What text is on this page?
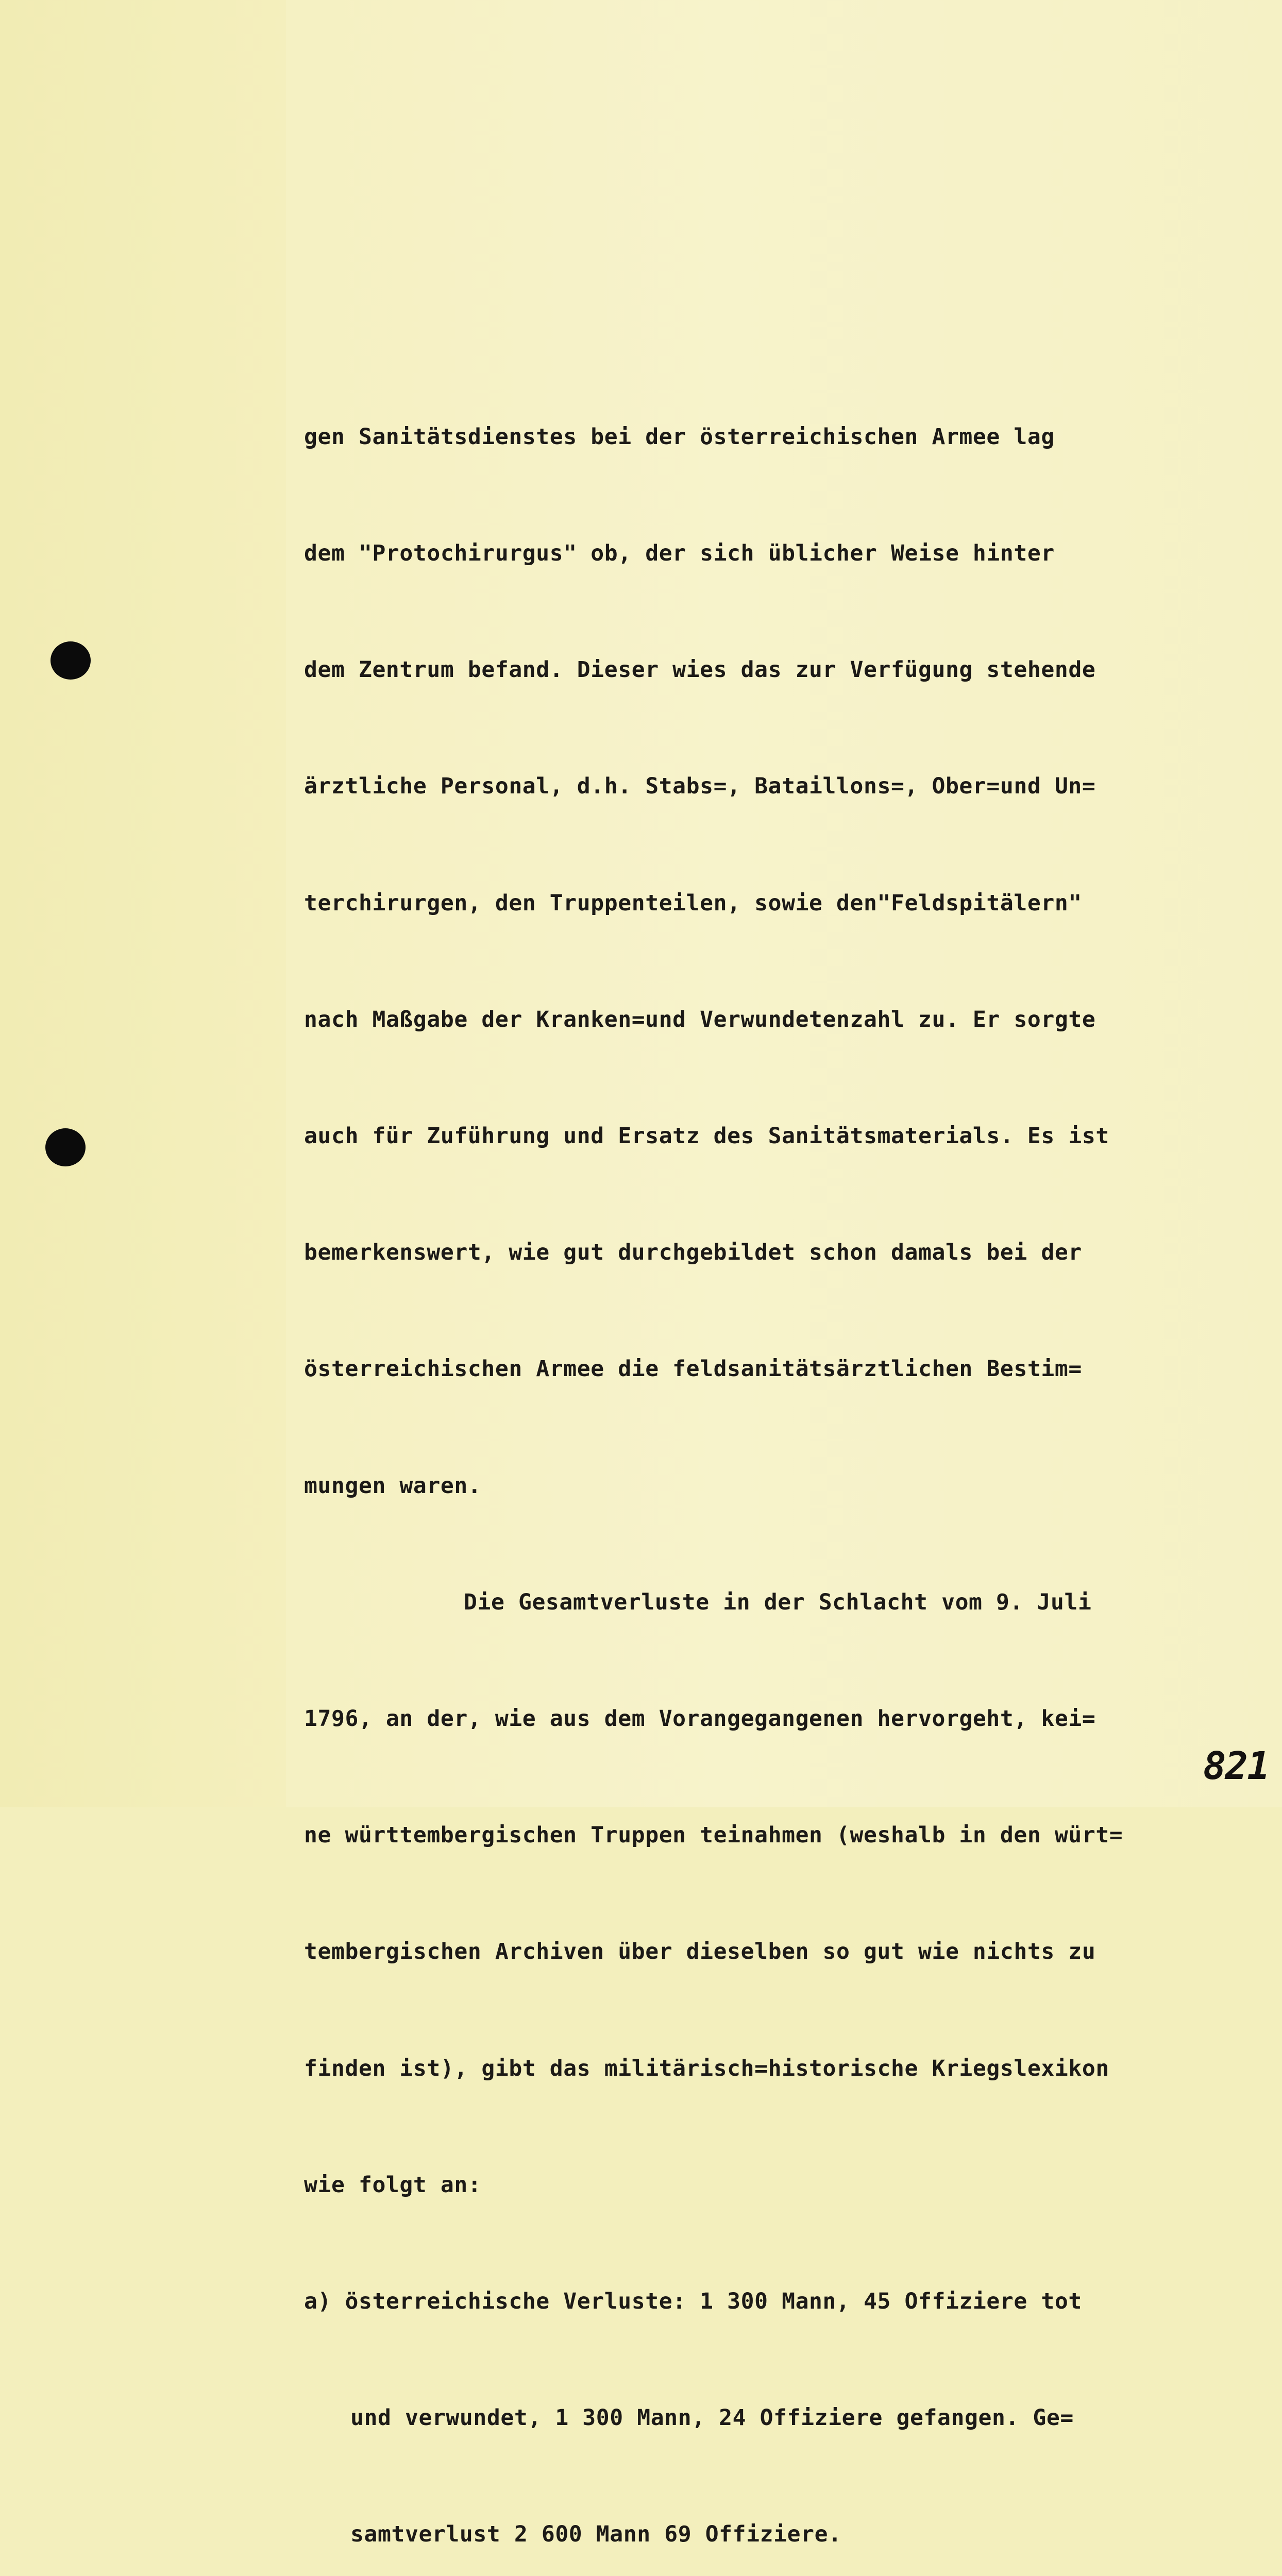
gen Sanitätsdienstes bei der österreichischen Armee lag

dem "Protochirurgus" ob, der sich üblicher Weise hinter

dem Zentrum befand. Dieser wies das zur Verfügung stehende

ärztliche Personal, d.h. Stabs=, Bataillons=, Ober=und Un=

terchirurgen, den Truppenteilen, sowie den"Feldspitälern"

nach Maßgabe der Kranken=und Verwundetenzahl zu. Er sorgte

auch für Zuführung und Ersatz des Sanitätsmaterials. Es ist

bemerkenswert, wie gut durchgebildet schon damals bei der

österreichischen Armee die feldsanitätsärztlichen Bestim=

mungen waren.

Die Gesamtverluste in der Schlacht vom 9. Juli

1796, an der, wie aus dem Vorangegangenen hervorgeht, kei=

ne württembergischen Truppen teinahmen (weshalb in den würt=

tembergischen Archiven über dieselben so gut wie nichts zu

finden ist), gibt das militärisch=historische Kriegslexikon

wie folgt an:

a) österreichische Verluste: 1 300 Mann, 45 Offiziere tot

und verwundet, 1 300 Mann, 24 Offiziere gefangen. Ge=

samtverlust 2 600 Mann 69 Offiziere.

821
